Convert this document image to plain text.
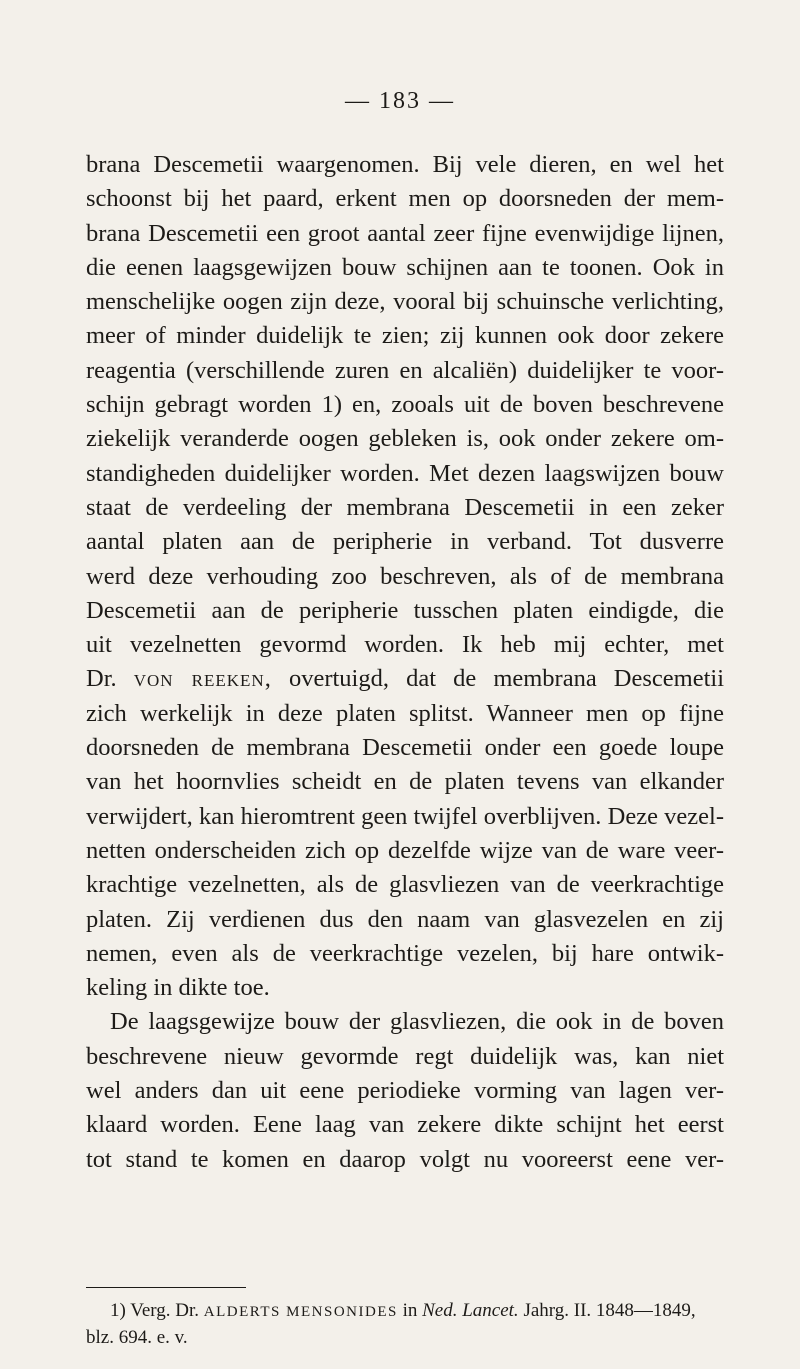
— 183 —
brana Descemetii waargenomen. Bij vele dieren, en wel het
schoonst bij het paard, erkent men op doorsneden der mem-
brana Descemetii een groot aantal zeer fijne evenwijdige lijnen,
die eenen laagsgewijzen bouw schijnen aan te toonen. Ook in
menschelijke oogen zijn deze, vooral bij schuinsche verlichting,
meer of minder duidelijk te zien; zij kunnen ook door zekere
reagentia (verschillende zuren en alcaliën) duidelijker te voor-
schijn gebragt worden 1) en, zooals uit de boven beschrevene
ziekelijk veranderde oogen gebleken is, ook onder zekere om-
standigheden duidelijker worden. Met dezen laagswijzen bouw
staat de verdeeling der membrana Descemetii in een zeker
aantal platen aan de peripherie in verband. Tot dusverre
werd deze verhouding zoo beschreven, als of de membrana
Descemetii aan de peripherie tusschen platen eindigde, die
uit vezelnetten gevormd worden. Ik heb mij echter, met
Dr. von reeken, overtuigd, dat de membrana Descemetii
zich werkelijk in deze platen splitst. Wanneer men op fijne
doorsneden de membrana Descemetii onder een goede loupe
van het hoornvlies scheidt en de platen tevens van elkander
verwijdert, kan hieromtrent geen twijfel overblijven. Deze vezel-
netten onderscheiden zich op dezelfde wijze van de ware veer-
krachtige vezelnetten, als de glasvliezen van de veerkrachtige
platen. Zij verdienen dus den naam van glasvezelen en zij
nemen, even als de veerkrachtige vezelen, bij hare ontwik-
keling in dikte toe.
De laagsgewijze bouw der glasvliezen, die ook in de boven
beschrevene nieuw gevormde regt duidelijk was, kan niet
wel anders dan uit eene periodieke vorming van lagen ver-
klaard worden. Eene laag van zekere dikte schijnt het eerst
tot stand te komen en daarop volgt nu vooreerst eene ver-
1) Verg. Dr. ALDERTS MENSONIDES in Ned. Lancet. Jahrg. II. 1848—1849,
blz. 694. e. v.
